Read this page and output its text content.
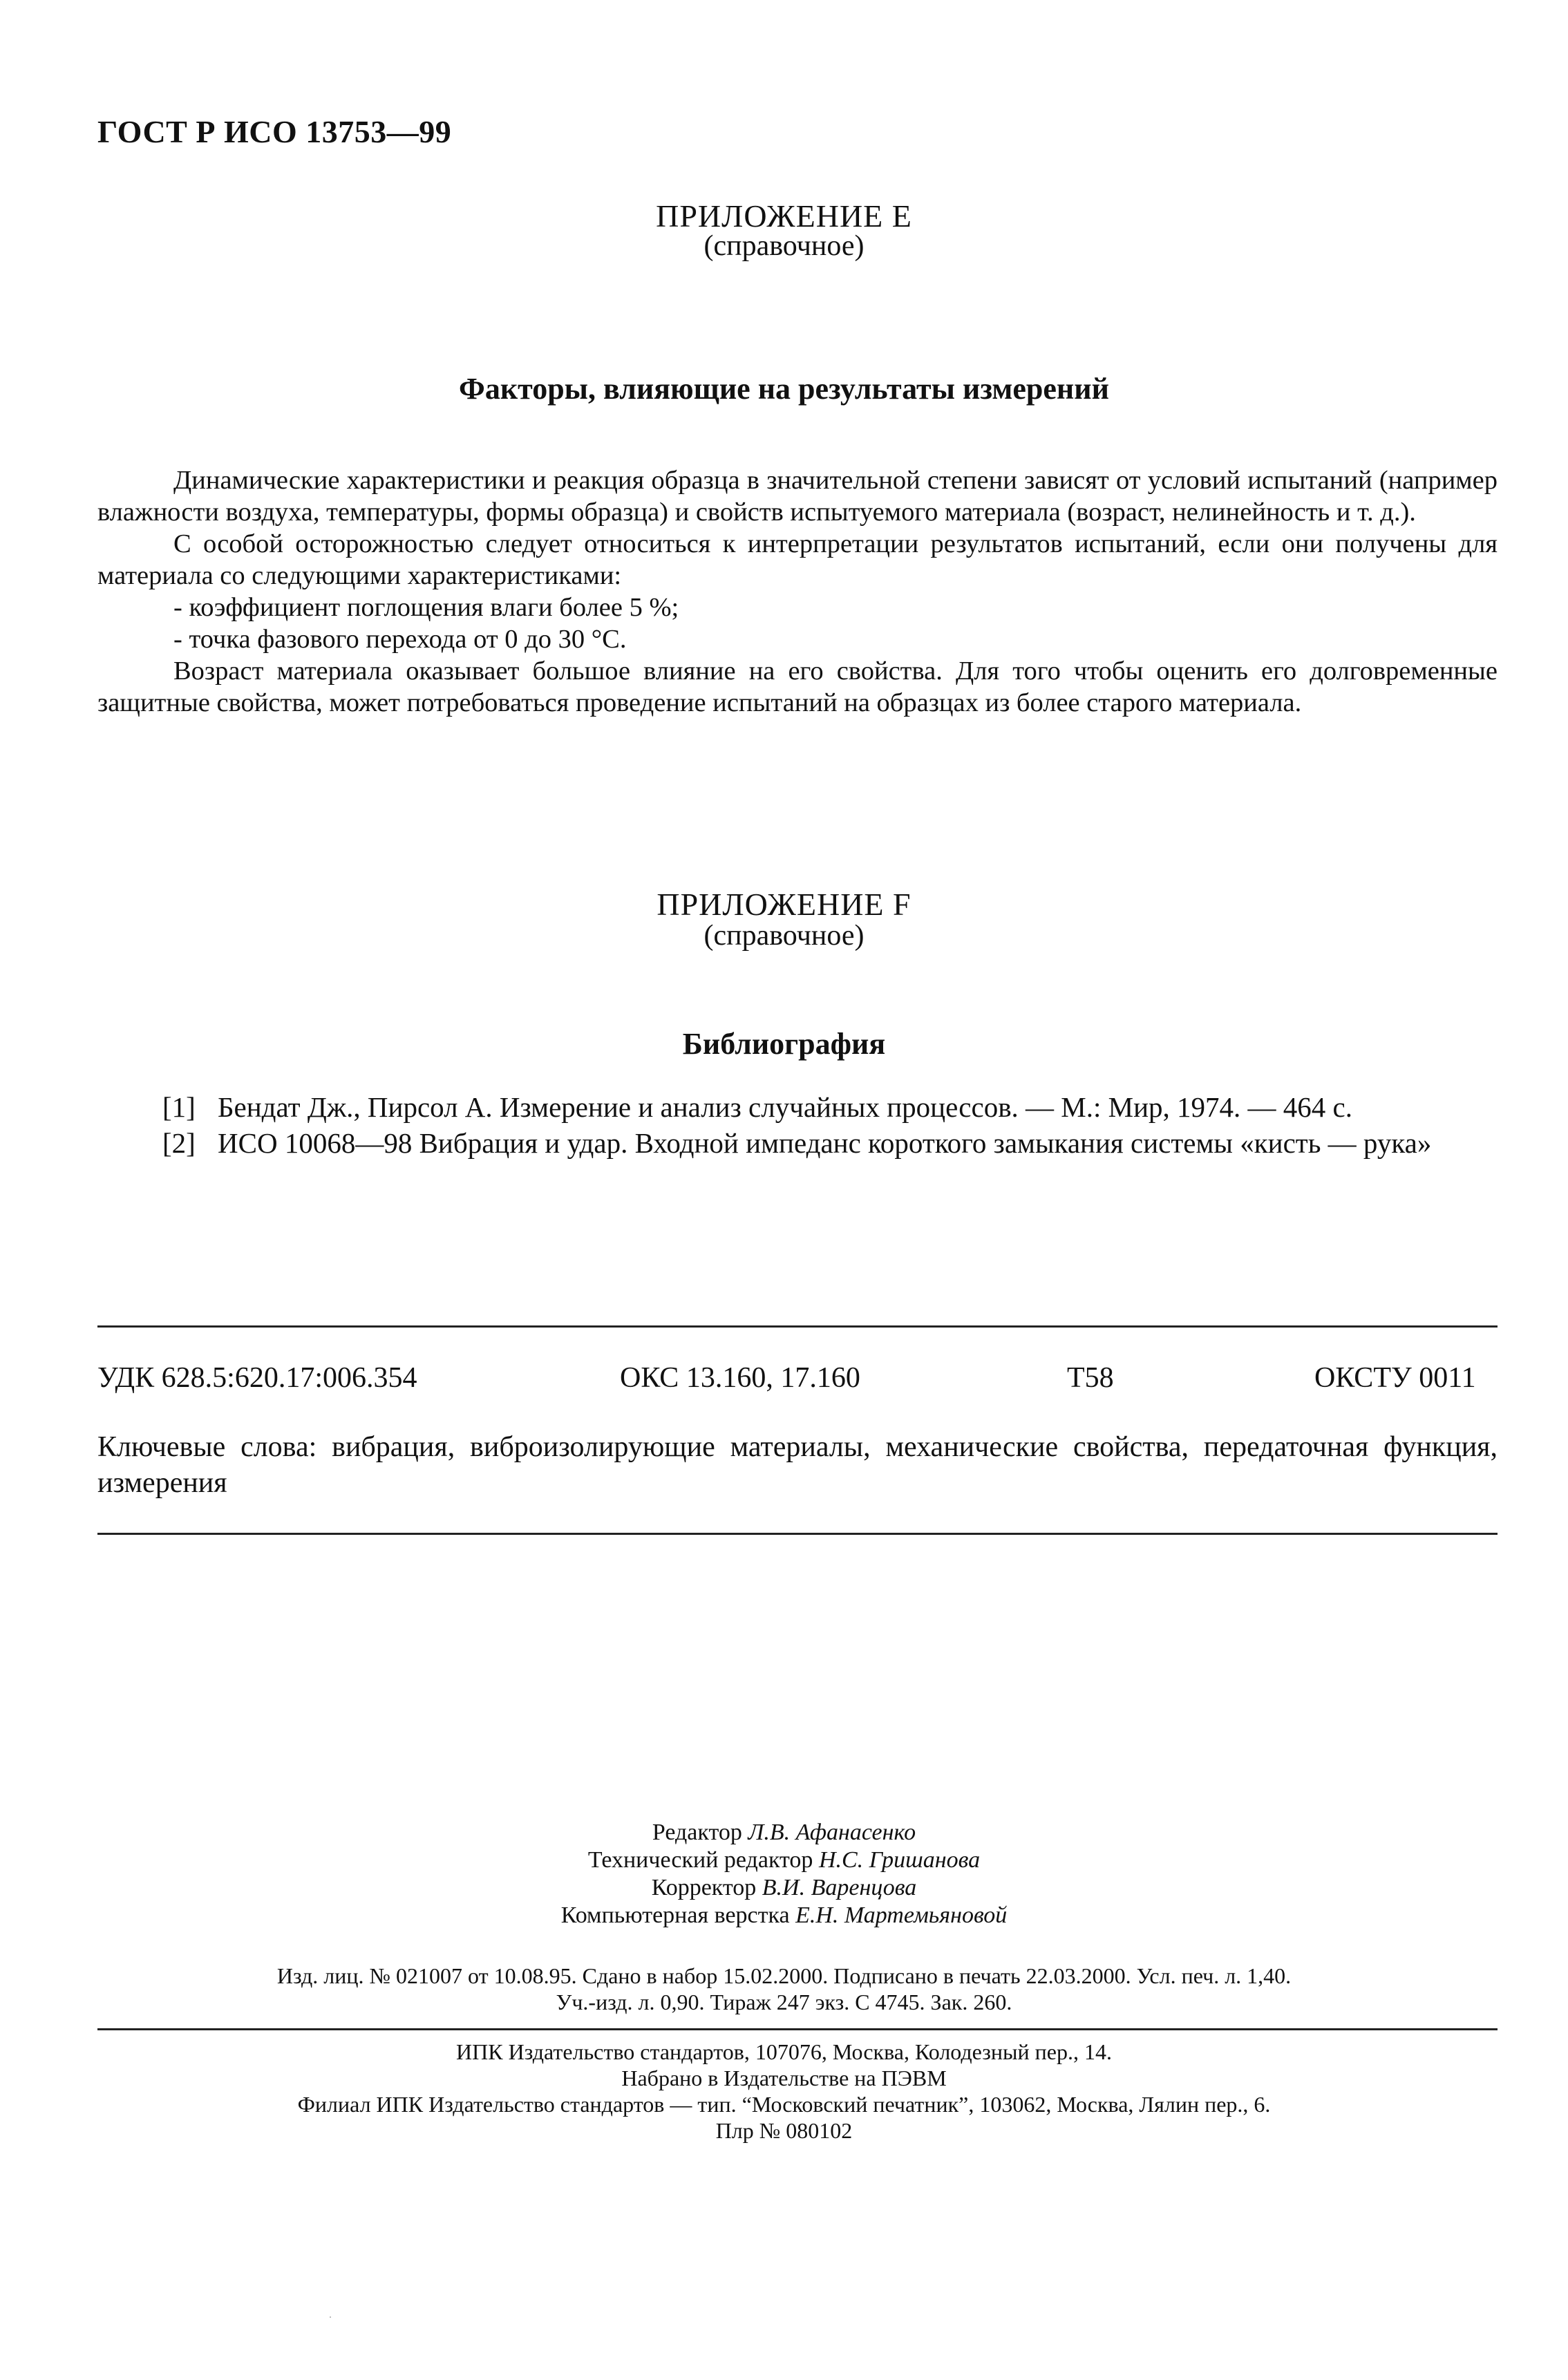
ГОСТ Р ИСО 13753—99
ПРИЛОЖЕНИЕ E
(справочное)
Факторы, влияющие на результаты измерений

Динамические характеристики и реакция образца в значительной степени зависят от условий испытаний (например влажности воздуха, температуры, формы образца) и свойств испытуемого материала (возраст, нелинейность и т. д.).

С особой осторожностью следует относиться к интерпретации результатов испытаний, если они получены для материала со следующими характеристиками:

- коэффициент поглощения влаги более 5 %;

- точка фазового перехода от 0 до 30 °С.

Возраст материала оказывает большое влияние на его свойства. Для того чтобы оценить его долговременные защитные свойства, может потребоваться проведение испытаний на образцах из более старого материала.

ПРИЛОЖЕНИЕ F
(справочное)
Библиография
[1] Бендат Дж., Пирсол А. Измерение и анализ случайных процессов. — М.: Мир, 1974. — 464 с.
[2] ИСО 10068—98 Вибрация и удар. Входной импеданс короткого замыкания системы «кисть — рука»
УДК 628.5:620.17:006.354	ОКС 13.160, 17.160	Т58	ОКСТУ 0011
Ключевые слова: вибрация, виброизолирующие материалы, механические свойства, передаточная функция, измерения
Редактор Л.В. Афанасенко
Технический редактор Н.С. Гришанова
Корректор В.И. Варенцова
Компьютерная верстка Е.Н. Мартемьяновой

Изд. лиц. № 021007 от 10.08.95. Сдано в набор 15.02.2000. Подписано в печать 22.03.2000. Усл. печ. л. 1,40.

Уч.-изд. л. 0,90. Тираж 247 экз. С 4745. Зак. 260.

ИПК Издательство стандартов, 107076, Москва, Колодезный пер., 14.

Набрано в Издательстве на ПЭВМ

Филиал ИПК Издательство стандартов — тип. “Московский печатник”, 103062, Москва, Лялин пер., 6.

Плр № 080102
